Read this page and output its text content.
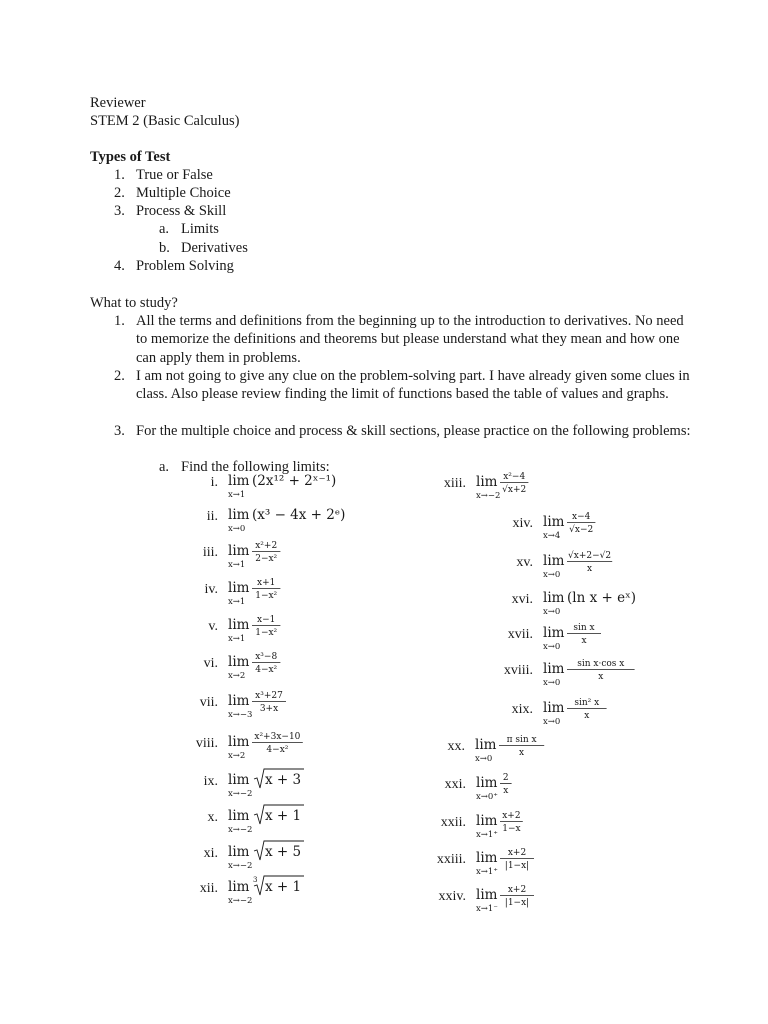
Reviewer
STEM 2 (Basic Calculus)
Types of Test
1. True or False
2. Multiple Choice
3. Process & Skill
a. Limits
b. Derivatives
4. Problem Solving
What to study?
1. All the terms and definitions from the beginning up to the introduction to derivatives. No need to memorize the definitions and theorems but please understand what they mean and how one can apply them in problems.
2. I am not going to give any clue on the problem-solving part. I have already given some clues in class. Also please review finding the limit of functions based the table of values and graphs.
3. For the multiple choice and process & skill sections, please practice on the following problems:
a. Find the following limits:
i. lim
x→1
(2x¹² + 2ˣ⁻¹)
ii. lim
x→0
(x³ − 4x + 2ᵉ)
iii. lim
x→1
x²+2
2−x²
iv. lim
x→1
x+1
1−x²
v. lim
x→1
x−1
1−x²
vi. lim
x→2
x³−8
4−x²
vii. lim
x→−3
x³+27
3+x
viii. lim
x→2
x²+3x−10
4−x²
ix. lim
x→−2
x + 3
x. lim
x→−2
x + 1
xi. lim
x→−2
x + 5
xii. lim
x→−2
3 x + 1
xiii. lim
x→−2
x²−4
√x+2
xiv. lim
x→4
x−4
√x−2
xv. lim
x→0
√x+2−√2
x
xvi. lim
x→0
(ln x + eˣ)
xvii. lim
x→0
sin x
x
xviii. lim
x→0
sin x·cos x
x
xix. lim
x→0
sin² x
x
xx. lim
x→0
π sin x
x
xxi. lim
x→0⁺
2
x
xxii. lim
x→1⁺
x+2
1−x
xxiii. lim
x→1⁺
x+2
|1−x|
xxiv. lim
x→1⁻
x+2
|1−x|
